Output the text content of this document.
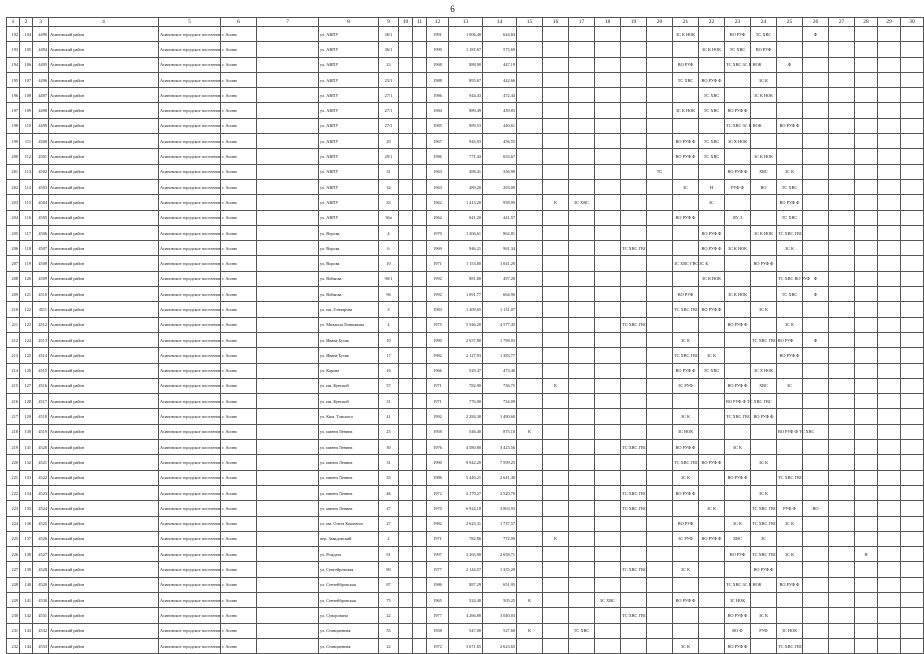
6
1	2	3	4	5	6	7	8	9	10	11	12	13	14	15	16	17	18	19	20	21	22	23	24	25	26	27	28	29	30
192	104	4490	Асиновский район	Асиновское городское поселение	г. Асино		ул. АВПУ	36/1			1991	1 006,40	644,84							3С К НОК		ВО РУФ	ТС ХВС		Ф				
193	105	4494	Асиновский район	Асиновское городское поселение	г. Асино		ул. АВПУ	36/1			1990	1 181,67	575,69								3С К НОК	ТС ХВС	ВО РУФ						
194	106	4495	Асиновский район	Асиновское городское поселение	г. Асино		ул. АВПУ	23			1968	888,90	447,19							ВО РУФ		ТС ХВС 3С К НОК		Ф					
195	107	4496	Асиновский район	Асиновское городское поселение	г. Асино		ул. АВПУ	23/1			1988	895,67	442,66							ТС ХВС	ВО РУФ Ф		3С К						
196	108	4497	Асиновский район	Асиновское городское поселение	г. Асино		ул. АВПУ	27/1			1986	944,43	472,44								ТС ХВС		3С К НОК						
197	109	4498	Асиновский район	Асиновское городское поселение	г. Асино		ул. АВПУ	27/1			1984	889,49	439,83							3С К НОК	ТС ХВС	ВО РУФ Ф							
198	110	4499	Асиновский район	Асиновское городское поселение	г. Асино		ул. АВПУ	27/1			1985	889,53	440,61									ТС ХВС 3С К НОК		ВО РУФ Ф					
199	111	4500	Асиновский район	Асиновское городское поселение	г. Асино		ул. АВПУ	29			1967	945,93	456,55							ВО РУФ Ф	ТС ХВС	3С Х НОК							
200	112	4501	Асиновский район	Асиновское городское поселение	г. Асино		ул. АВПУ	29/1			1986	771,43	653,67							ВО РУФ Ф	ТС ХВС		3С К НОК						
201	113	4502	Асиновский район	Асиновское городское поселение	г. Асино		ул. АВПУ	31			1963	498,41	356,90						ТС			ВО РУФ Ф	ХВС	3С К					
202	114	4503	Асиновский район	Асиновское городское поселение	г. Асино		ул. АВПУ	32			1963	489,20	293,00							3С	Н	РУФ Ф	ВО	ТС ХВС					
203	115	4504	Асиновский район	Асиновское городское поселение	г. Асино		ул. АВПУ	33			1962	1 413,20	958,99		К	3С ХВС					3С			ВО РУФ Ф					
204	116	4505	Асиновский район	Асиновское городское поселение	г. Асино		ул. АВПУ	36а			1962	641,20	441,57							ВО РУФ Ф		ЯУ 3		ТС ХВС					
205	117	4506	Асиновский район	Асиновское городское поселение	г. Асино		ул. Ворова	4			1970	1 206,61	862,81								ВО РУФ Ф		3С К НОК	ТС ХВС ГВС					
206	118	4507	Асиновский район	Асиновское городское поселение	г. Асино		ул. Ворова	6			1969	946,21	961,34					ТС ХВС ГВС			ВО РУФ Ф	3С К НОК		3С К					
207	119	4508	Асиновский район	Асиновское городское поселение	г. Асино		ул. Ворова	10			1971	1 153,80	1 041,20							3С ХВС ГВС 3С К			ВО РУФ Ф						
208	120	4509	Асиновский район	Асиновское городское поселение	г. Асино		ул. Войкова	90/1			1992	881,80	497,28								3С К НОК			ТС ХВС ВО РУФ	Ф				
209	121	4510	Асиновский район	Асиновское городское поселение	г. Асино		ул. Войкова	96			1992	1 091,77	664,90							ВО РУФ		3С К НОК		ТС ХВС	Ф				
210	122	4511	Асиновский район	Асиновское городское поселение	г. Асино		ул. им. Гончарова	3			1983	1 209,65	1 131,07							ТС ХВС ГВС	ВО РУФ Ф		3С К						
211	123	4512	Асиновский район	Асиновское городское поселение	г. Асино		ул. Михаила Лоншакова	4			1975	5 546,20	4 577,45					ТС ХВС ГВС				ВО РУФ Ф		3С К					
212	124	4513	Асиновский район	Асиновское городское поселение	г. Асино		ул. Ивана Бутяк	10			1990	2 657,80	1 798,03							3С К			ТС ХВС ГВС ВО РУФ		Ф				
213	125	4514	Асиновский район	Асиновское городское поселение	г. Асино		ул. Ивана Бутяк	17			1982	2 127,93	1 383,77							ТС ХВС ГВС	3С К			ВО РУФ Ф					
214	126	4515	Асиновский район	Асиновское городское поселение	г. Асино		ул. Карова	16			1966	529,47	473,40							ВО РУФ Ф	ТС ХВС		3С Х НОК						
215	127	4516	Асиновский район	Асиновское городское поселение	г. Асино		ул. им. Кунской	57			1971	782,90	756,75		К					3С РУФ		ВО РУФ Ф	ХВС	3С					
216	128	4517	Асиновский район	Асиновское городское поселение	г. Асино		ул. им. Кунской	31			1971	776,00	734,09									ВО РУФ Ф ТС ХВС ГВС							
217	129	4518	Асиновский район	Асиновское городское поселение	г. Асино		ул. Ким. Томского	41			1992	2 284,30	1 490,60							3С К		ТС ХВС ГВС	ВО РУФ Ф						
218	130	4519	Асиновский район	Асиновское городское поселение	г. Асино		ул. имени Ленина	25			1958	546,40	875,10	К						3С НОК				ВО РУФ Ф ТС ХВС					
219	131	4520	Асиновский район	Асиновское городское поселение	г. Асино		ул. имени Ленина	30			1976	4 580,80	3 423,56					ТС ХВС ГВС		ВО РУФ Ф		3С К							
220	132	4521	Асиновский район	Асиновское городское поселение	г. Асино		ул. имени Ленина	31			1990	9 942,20	7 599,25							ТС ХВС ГВС	ВО РУФ Ф		3С К						
221	133	4522	Асиновский район	Асиновское городское поселение	г. Асино		ул. имени Ленина	35			1986	5 449,21	2 641,40							3С К		ВО РУФ Ф		ТС ХВС ГВС					
222	134	4523	Асиновский район	Асиновское городское поселение	г. Асино		ул. имени Ленина	46			1972	4 179,27	2 520,70					ТС ХВС ГВС		ВО РУФ Ф			3С К						
223	135	4524	Асиновский район	Асиновское городское поселение	г. Асино		ул. имени Ленина	47			1970	6 924,18	3 863,93					ТС ХВС ГВС			3С К		ТС ХВС ГВС	РУФ Ф	ВО				
224	136	4525	Асиновский район	Асиновское городское поселение	г. Асино		ул. им. Олега Кошевого	27			1982	2 623,31	1 737,57							ВО РУФ		3С К	ТС ХВС ГВС	3С К					
225	137	4526	Асиновский район	Асиновское городское поселение	г. Асино		пер. Завадовский	2			1971	782,86	772,09		К					3С РУФ	ВО РУФ Ф	ХВС	3С						
226	138	4527	Асиновский район	Асиновское городское поселение	г. Асино		ул. Рождеш	91			1997	3 265,90	2 658,71									ВО РУФ	ТС ХВС ГВС	3С К			Н		
227	139	4528	Асиновский район	Асиновское городское поселение	г. Асино		ул. Сенгейровская	80			1977	2 144,57	1 335,20					ТС ХВС ГВС		3С К			ВО РУФ Ф						
228	140	4529	Асиновский район	Асиновское городское поселение	г. Асино		ул. Сентейбровская	87			1986	887,29	651,95									ТС ХВС 3С К НОК		ВО РУФ Ф					
229	141	4530	Асиновский район	Асиновское городское поселение	г. Асино		ул. Сентейбровская	75			1965	524,40	505,25	К			3С ХВС			ВО РУФ Ф		3С НОК							
230	142	4531	Асиновский район	Асиновское городское поселение	г. Асино		ул. Суворовича	22			1977	4 266,80	3 040,03					ТС ХВС ГВС				ВО РУФ Ф	3С К						
231	143	4532	Асиновский район	Асиновское городское поселение	г. Асино		ул. Станционная	35			1958	547,00	527,60	К		ТС ХВС						ВО Ф	РУФ	3С НОК					
232	144	4533	Асиновский район	Асиновское городское поселение	г. Асино		ул. Станционная	22			1972	3 671,65	2 623,65							3С К		ВО РУФ Ф		ТС ХВС ГВС					
